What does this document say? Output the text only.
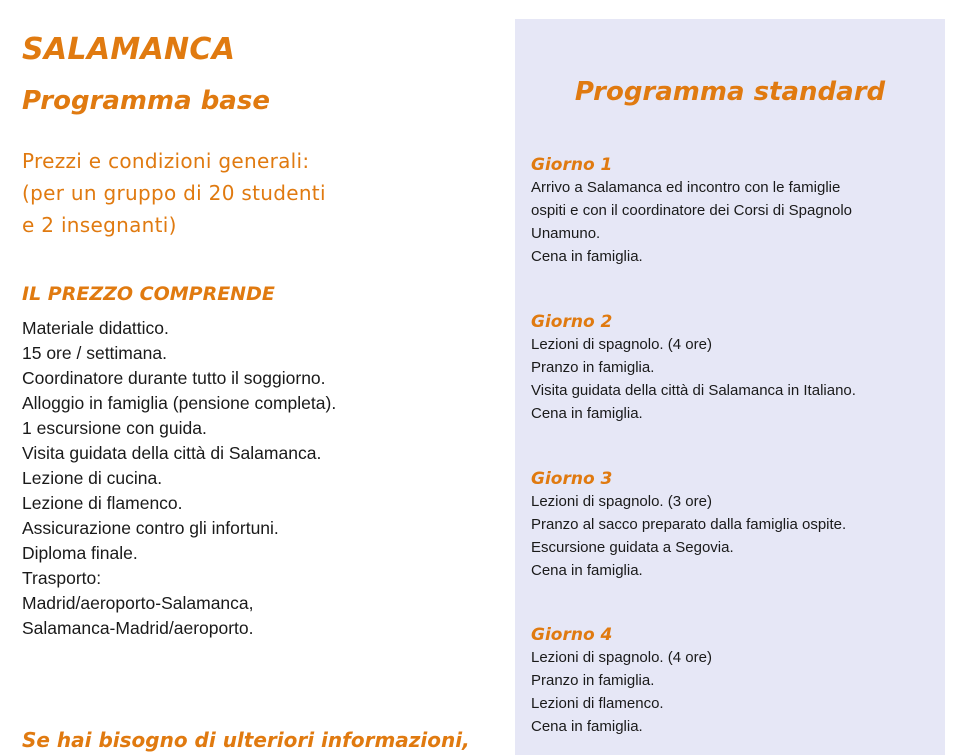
SALAMANCA
Programma base

Prezzi e condizioni generali:
(per un gruppo di 20 studenti
e 2 insegnanti)

IL PREZZO COMPRENDE
Materiale didattico.
15 ore / settimana.
Coordinatore durante tutto il soggiorno.
Alloggio in famiglia (pensione completa).
1 escursione con guida.
Visita guidata della città di Salamanca.
Lezione di cucina.
Lezione di flamenco.
Assicurazione contro gli infortuni.
Diploma finale.
Trasporto:
Madrid/aeroporto-Salamanca,
Salamanca-Madrid/aeroporto.

Se hai bisogno di ulteriori informazioni,

Programma standard
Giorno 1
Arrivo a Salamanca ed incontro con le famiglie
ospiti e con il coordinatore dei Corsi di Spagnolo
Unamuno.
Cena in famiglia.
Giorno 2
Lezioni di spagnolo. (4 ore)
Pranzo in famiglia.
Visita guidata della città di Salamanca in Italiano.
Cena in famiglia.
Giorno 3
Lezioni di spagnolo. (3 ore)
Pranzo al sacco preparato dalla famiglia ospite.
Escursione guidata a Segovia.
Cena in famiglia.
Giorno 4
Lezioni di spagnolo. (4 ore)
Pranzo in famiglia.
Lezioni di flamenco.
Cena in famiglia.
